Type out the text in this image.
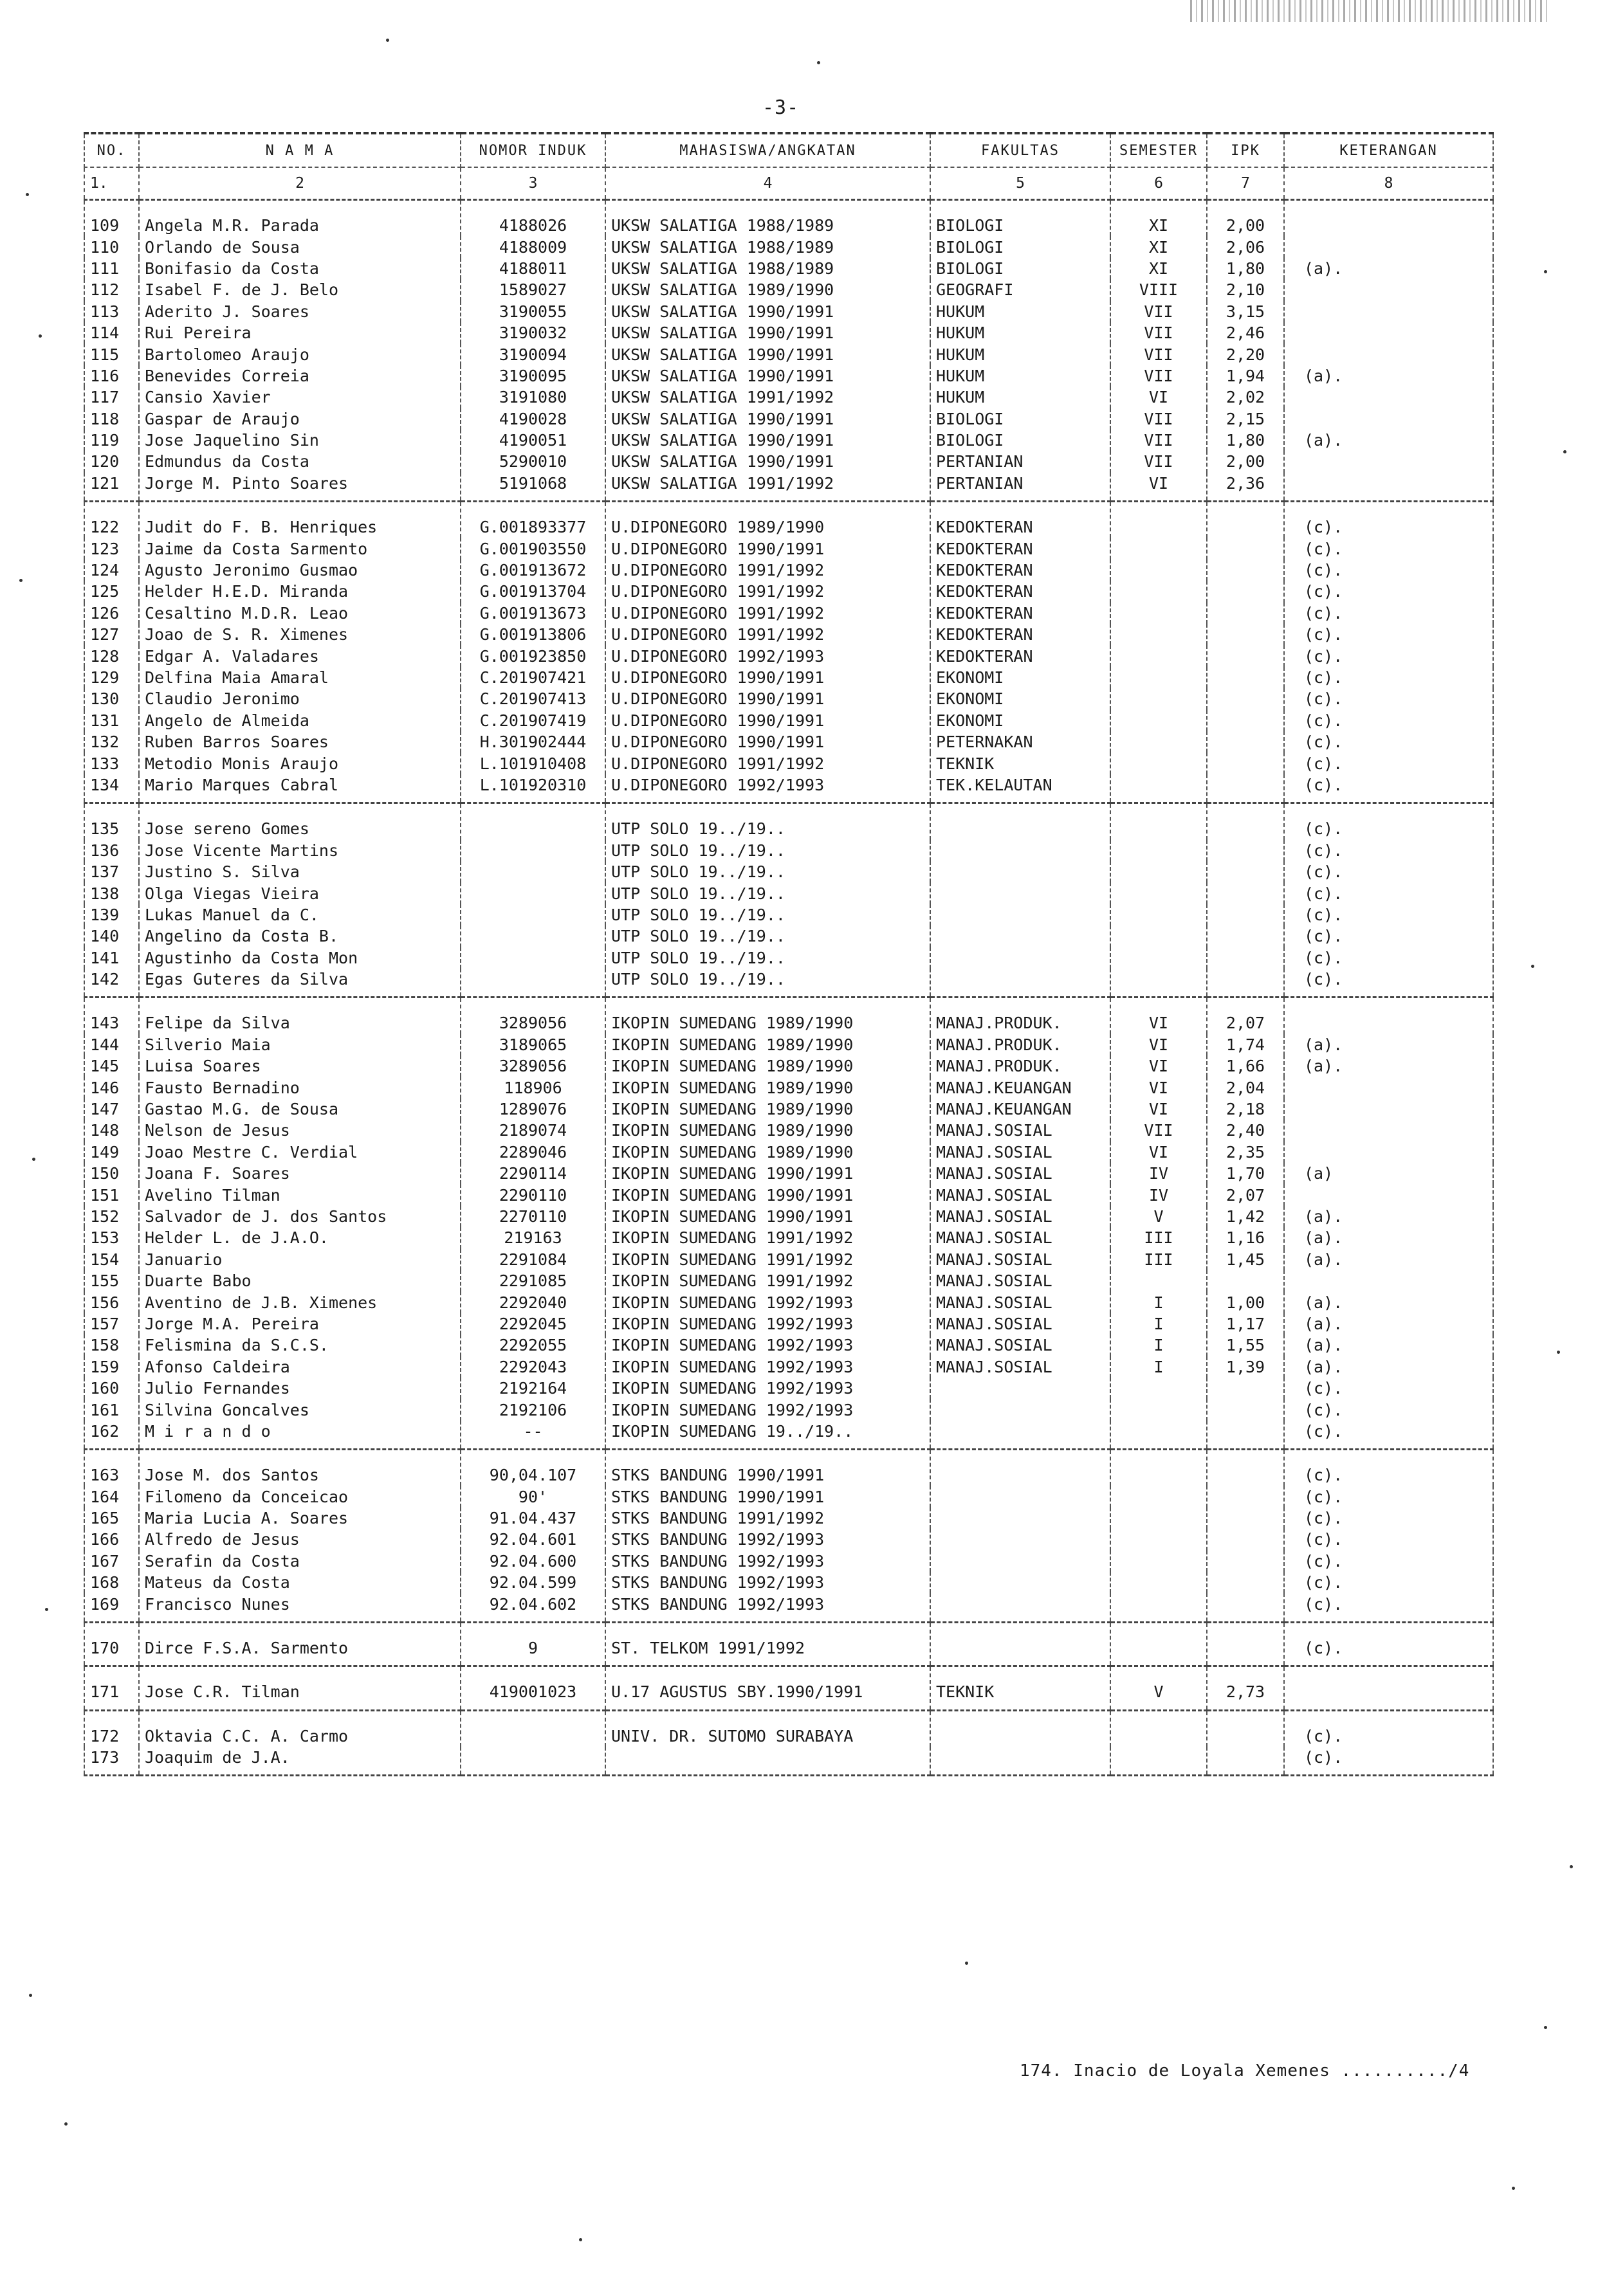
-3-
NO.	N A M A	NOMOR INDUK	MAHASISWA/ANGKATAN	FAKULTAS	SEMESTER	IPK	KETERANGAN
1.	2	3	4	5	6	7	8
109	Angela M.R. Parada	4188026	UKSW SALATIGA 1988/1989	BIOLOGI	XI	2,00	
110	Orlando de Sousa	4188009	UKSW SALATIGA 1988/1989	BIOLOGI	XI	2,06	
111	Bonifasio da Costa	4188011	UKSW SALATIGA 1988/1989	BIOLOGI	XI	1,80	(a).
112	Isabel F. de J. Belo	1589027	UKSW SALATIGA 1989/1990	GEOGRAFI	VIII	2,10	
113	Aderito J. Soares	3190055	UKSW SALATIGA 1990/1991	HUKUM	VII	3,15	
114	Rui Pereira	3190032	UKSW SALATIGA 1990/1991	HUKUM	VII	2,46	
115	Bartolomeo Araujo	3190094	UKSW SALATIGA 1990/1991	HUKUM	VII	2,20	
116	Benevides Correia	3190095	UKSW SALATIGA 1990/1991	HUKUM	VII	1,94	(a).
117	Cansio Xavier	3191080	UKSW SALATIGA 1991/1992	HUKUM	VI	2,02	
118	Gaspar de Araujo	4190028	UKSW SALATIGA 1990/1991	BIOLOGI	VII	2,15	
119	Jose Jaquelino Sin	4190051	UKSW SALATIGA 1990/1991	BIOLOGI	VII	1,80	(a).
120	Edmundus da Costa	5290010	UKSW SALATIGA 1990/1991	PERTANIAN	VII	2,00	
121	Jorge M. Pinto Soares	5191068	UKSW SALATIGA 1991/1992	PERTANIAN	VI	2,36	
122	Judit do F. B. Henriques	G.001893377	U.DIPONEGORO 1989/1990	KEDOKTERAN			(c).
123	Jaime da Costa Sarmento	G.001903550	U.DIPONEGORO 1990/1991	KEDOKTERAN			(c).
124	Agusto Jeronimo Gusmao	G.001913672	U.DIPONEGORO 1991/1992	KEDOKTERAN			(c).
125	Helder H.E.D. Miranda	G.001913704	U.DIPONEGORO 1991/1992	KEDOKTERAN			(c).
126	Cesaltino M.D.R. Leao	G.001913673	U.DIPONEGORO 1991/1992	KEDOKTERAN			(c).
127	Joao de S. R. Ximenes	G.001913806	U.DIPONEGORO 1991/1992	KEDOKTERAN			(c).
128	Edgar A. Valadares	G.001923850	U.DIPONEGORO 1992/1993	KEDOKTERAN			(c).
129	Delfina Maia Amaral	C.201907421	U.DIPONEGORO 1990/1991	EKONOMI			(c).
130	Claudio Jeronimo	C.201907413	U.DIPONEGORO 1990/1991	EKONOMI			(c).
131	Angelo de Almeida	C.201907419	U.DIPONEGORO 1990/1991	EKONOMI			(c).
132	Ruben Barros Soares	H.301902444	U.DIPONEGORO 1990/1991	PETERNAKAN			(c).
133	Metodio Monis Araujo	L.101910408	U.DIPONEGORO 1991/1992	TEKNIK			(c).
134	Mario Marques Cabral	L.101920310	U.DIPONEGORO 1992/1993	TEK.KELAUTAN			(c).
135	Jose sereno Gomes		UTP SOLO 19../19..				(c).
136	Jose Vicente Martins		UTP SOLO 19../19..				(c).
137	Justino S. Silva		UTP SOLO 19../19..				(c).
138	Olga Viegas Vieira		UTP SOLO 19../19..				(c).
139	Lukas Manuel da C.		UTP SOLO 19../19..				(c).
140	Angelino da Costa B.		UTP SOLO 19../19..				(c).
141	Agustinho da Costa Mon		UTP SOLO 19../19..				(c).
142	Egas Guteres da Silva		UTP SOLO 19../19..				(c).
143	Felipe da Silva	3289056	IKOPIN SUMEDANG 1989/1990	MANAJ.PRODUK.	VI	2,07	
144	Silverio Maia	3189065	IKOPIN SUMEDANG 1989/1990	MANAJ.PRODUK.	VI	1,74	(a).
145	Luisa Soares	3289056	IKOPIN SUMEDANG 1989/1990	MANAJ.PRODUK.	VI	1,66	(a).
146	Fausto Bernadino	118906	IKOPIN SUMEDANG 1989/1990	MANAJ.KEUANGAN	VI	2,04	
147	Gastao M.G. de Sousa	1289076	IKOPIN SUMEDANG 1989/1990	MANAJ.KEUANGAN	VI	2,18	
148	Nelson de Jesus	2189074	IKOPIN SUMEDANG 1989/1990	MANAJ.SOSIAL	VII	2,40	
149	Joao Mestre C. Verdial	2289046	IKOPIN SUMEDANG 1989/1990	MANAJ.SOSIAL	VI	2,35	
150	Joana F. Soares	2290114	IKOPIN SUMEDANG 1990/1991	MANAJ.SOSIAL	IV	1,70	(a)
151	Avelino Tilman	2290110	IKOPIN SUMEDANG 1990/1991	MANAJ.SOSIAL	IV	2,07	
152	Salvador de J. dos Santos	2270110	IKOPIN SUMEDANG 1990/1991	MANAJ.SOSIAL	V	1,42	(a).
153	Helder L. de J.A.O.	219163	IKOPIN SUMEDANG 1991/1992	MANAJ.SOSIAL	III	1,16	(a).
154	Januario	2291084	IKOPIN SUMEDANG 1991/1992	MANAJ.SOSIAL	III	1,45	(a).
155	Duarte Babo	2291085	IKOPIN SUMEDANG 1991/1992	MANAJ.SOSIAL			
156	Aventino de J.B. Ximenes	2292040	IKOPIN SUMEDANG 1992/1993	MANAJ.SOSIAL	I	1,00	(a).
157	Jorge M.A. Pereira	2292045	IKOPIN SUMEDANG 1992/1993	MANAJ.SOSIAL	I	1,17	(a).
158	Felismina da S.C.S.	2292055	IKOPIN SUMEDANG 1992/1993	MANAJ.SOSIAL	I	1,55	(a).
159	Afonso Caldeira	2292043	IKOPIN SUMEDANG 1992/1993	MANAJ.SOSIAL	I	1,39	(a).
160	Julio Fernandes	2192164	IKOPIN SUMEDANG 1992/1993				(c).
161	Silvina Goncalves	2192106	IKOPIN SUMEDANG 1992/1993				(c).
162	M i r a n d o	--	IKOPIN SUMEDANG 19../19..				(c).
163	Jose M. dos Santos	90,04.107	STKS BANDUNG 1990/1991				(c).
164	Filomeno da Conceicao	90'	STKS BANDUNG 1990/1991				(c).
165	Maria Lucia A. Soares	91.04.437	STKS BANDUNG 1991/1992				(c).
166	Alfredo de Jesus	92.04.601	STKS BANDUNG 1992/1993				(c).
167	Serafin da Costa	92.04.600	STKS BANDUNG 1992/1993				(c).
168	Mateus da Costa	92.04.599	STKS BANDUNG 1992/1993				(c).
169	Francisco Nunes	92.04.602	STKS BANDUNG 1992/1993				(c).
170	Dirce F.S.A. Sarmento	9	ST. TELKOM 1991/1992				(c).
171	Jose C.R. Tilman	419001023	U.17 AGUSTUS SBY.1990/1991	TEKNIK	V	2,73	
172	Oktavia C.C. A. Carmo		UNIV. DR. SUTOMO SURABAYA				(c).
173	Joaquim de J.A.						(c).
174. Inacio de Loyala Xemenes ........../4
